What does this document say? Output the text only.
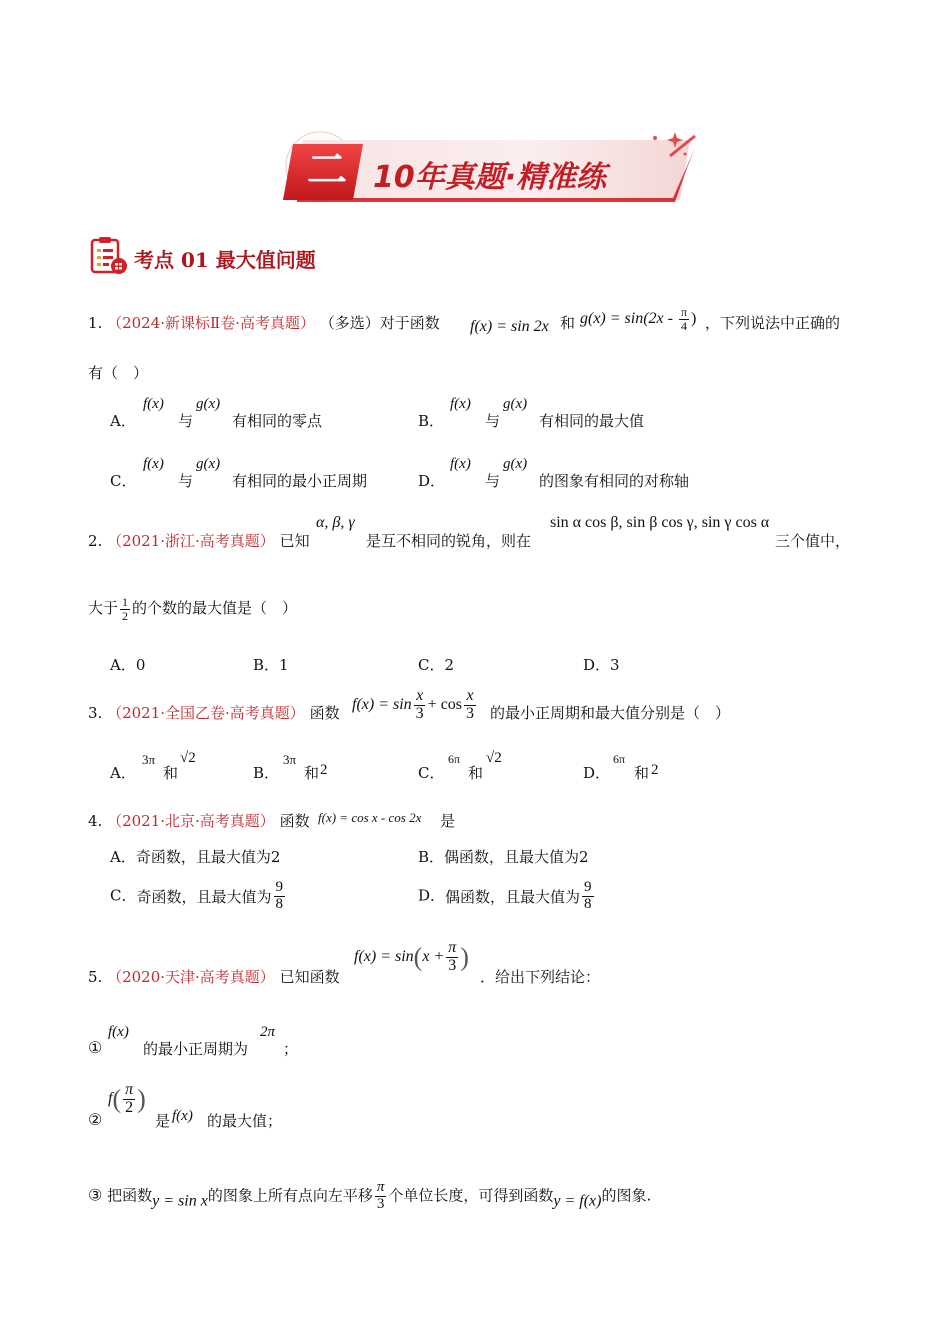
二 10年真题·精准练
考点 01 最大值问题
1. （2024·新课标Ⅱ卷·高考真题） （多选）对于函数 f(x) = sin 2x 和 $g(x) = \sin(2x - \frac{\pi}{4}$ ) ，下列说法中正确的
有（　）
A．
f(x)
与
g(x)
有相同的零点	B．
f(x)
与
g(x)
有相同的最大值
C．
f(x)
与
g(x)
有相同的最小正周期	D．
f(x)
与
g(x)
的图象有相同的对称轴
2. （2021·浙江·高考真题） 已知
α, β, γ
是互不相同的锐角，则在
sin α cos β, sin β cos γ, sin γ cos α
三个值中，
大于 $\frac{1}{2}$ 的个数的最大值是（　）
A．0	B．1	C．2	D．3
3. （2021·全国乙卷·高考真题） 函数 $f(x) = \sin \frac{x}{3} + \cos \frac{x}{3}$ 的最小正周期和最大值分别是（　）
A．
3π
和
√2
B．
3π
和 2	C．
6π
和
√2
D．
6π
和 2
4. （2021·北京·高考真题） 函数 f(x) = cos x - cos 2x 是
A．奇函数，且最大值为2	B．偶函数，且最大值为2
C．奇函数，且最大值为 $\frac{9}{8}$	D．偶函数，且最大值为 $\frac{9}{8}$
5. （2020·天津·高考真题） 已知函数
$f(x) = \sin(x + \frac{\pi}{3}$ )
．给出下列结论：
①
f(x)
的最小正周期为
2π
；
②
$f( \frac{\pi}{2}$ )
是 f(x) 的最大值；
③ 把函数y = sin x的图象上所有点向左平移 $\frac{\pi}{3}$ 个单位长度，可得到函数y = f(x)的图象.
